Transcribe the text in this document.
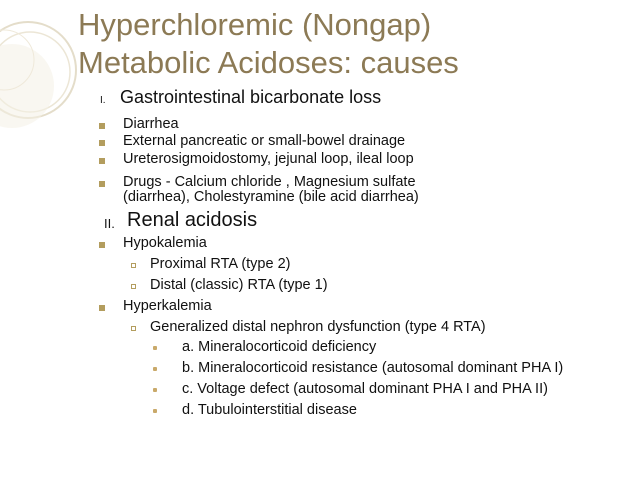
Hyperchloremic (Nongap)
Metabolic Acidoses: causes
I. Gastrointestinal bicarbonate loss
Diarrhea
External pancreatic or small-bowel drainage
Ureterosigmoidostomy, jejunal loop, ileal loop
Drugs - Calcium chloride , Magnesium sulfate
(diarrhea), Cholestyramine (bile acid diarrhea)
II. Renal acidosis
Hypokalemia
Proximal RTA (type 2)
Distal (classic) RTA (type 1)
Hyperkalemia
Generalized distal nephron dysfunction (type 4 RTA)
a. Mineralocorticoid deficiency
b. Mineralocorticoid resistance (autosomal dominant PHA I)
c. Voltage defect (autosomal dominant PHA I and PHA II)
d. Tubulointerstitial disease
